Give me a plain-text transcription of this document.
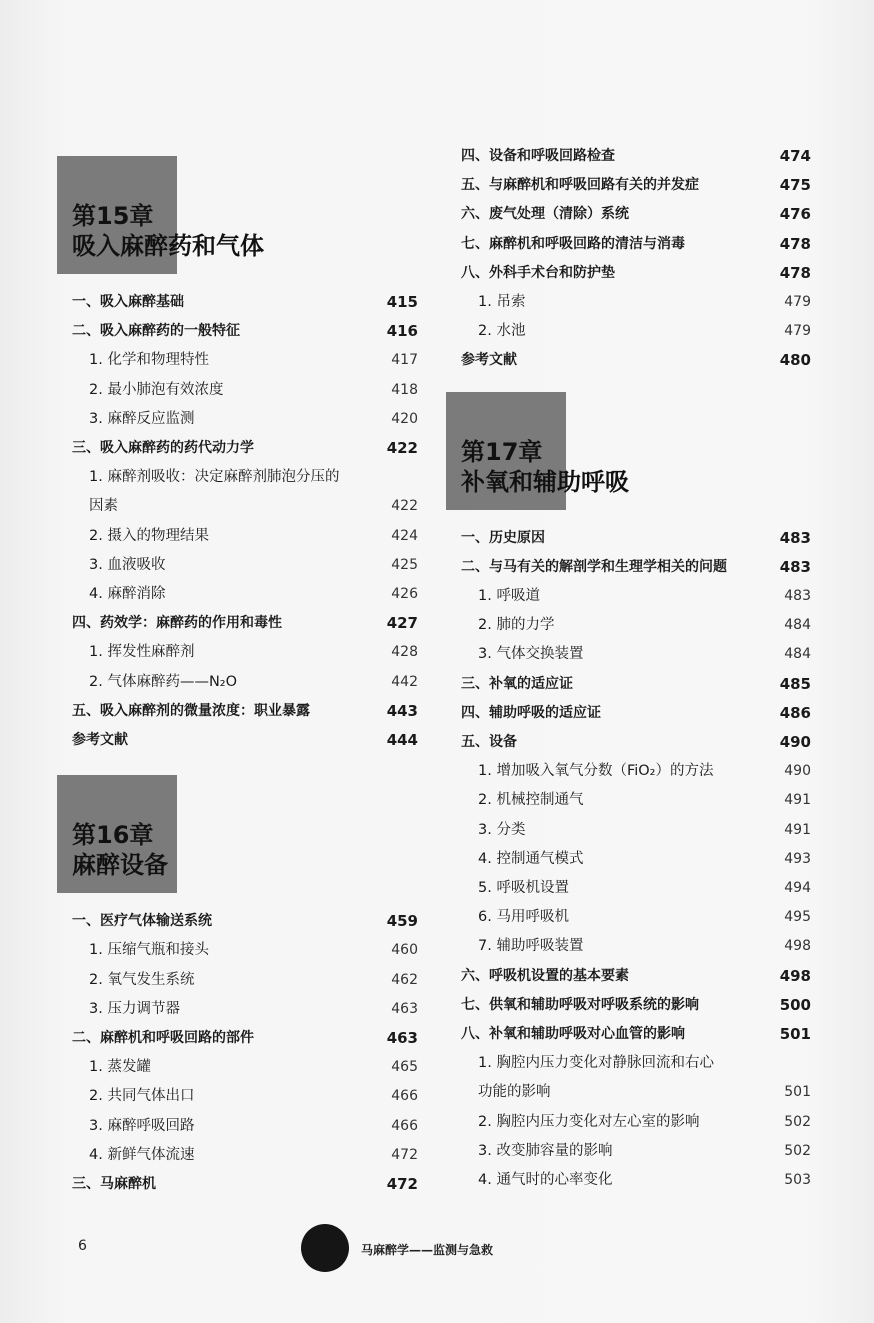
第15章
吸入麻醉药和气体
一、吸入麻醉基础	415
二、吸入麻醉药的一般特征	416
1. 化学和物理特性	417
2. 最小肺泡有效浓度	418
3. 麻醉反应监测	420
三、吸入麻醉药的药代动力学	422
1. 麻醉剂吸收：决定麻醉剂肺泡分压的
因素	422
2. 摄入的物理结果	424
3. 血液吸收	425
4. 麻醉消除	426
四、药效学：麻醉药的作用和毒性	427
1. 挥发性麻醉剂	428
2. 气体麻醉药——N₂O	442
五、吸入麻醉剂的微量浓度：职业暴露	443
参考文献	444
第16章
麻醉设备
一、医疗气体输送系统	459
1. 压缩气瓶和接头	460
2. 氧气发生系统	462
3. 压力调节器	463
二、麻醉机和呼吸回路的部件	463
1. 蒸发罐	465
2. 共同气体出口	466
3. 麻醉呼吸回路	466
4. 新鲜气体流速	472
三、马麻醉机	472
四、设备和呼吸回路检查	474
五、与麻醉机和呼吸回路有关的并发症	475
六、废气处理（清除）系统	476
七、麻醉机和呼吸回路的清洁与消毒	478
八、外科手术台和防护垫	478
1. 吊索	479
2. 水池	479
参考文献	480
第17章
补氧和辅助呼吸
一、历史原因	483
二、与马有关的解剖学和生理学相关的问题	483
1. 呼吸道	483
2. 肺的力学	484
3. 气体交换装置	484
三、补氧的适应证	485
四、辅助呼吸的适应证	486
五、设备	490
1. 增加吸入氧气分数（FiO₂）的方法	490
2. 机械控制通气	491
3. 分类	491
4. 控制通气模式	493
5. 呼吸机设置	494
6. 马用呼吸机	495
7. 辅助呼吸装置	498
六、呼吸机设置的基本要素	498
七、供氧和辅助呼吸对呼吸系统的影响	500
八、补氧和辅助呼吸对心血管的影响	501
1. 胸腔内压力变化对静脉回流和右心
功能的影响	501
2. 胸腔内压力变化对左心室的影响	502
3. 改变肺容量的影响	502
4. 通气时的心率变化	503
6	马麻醉学——监测与急救
